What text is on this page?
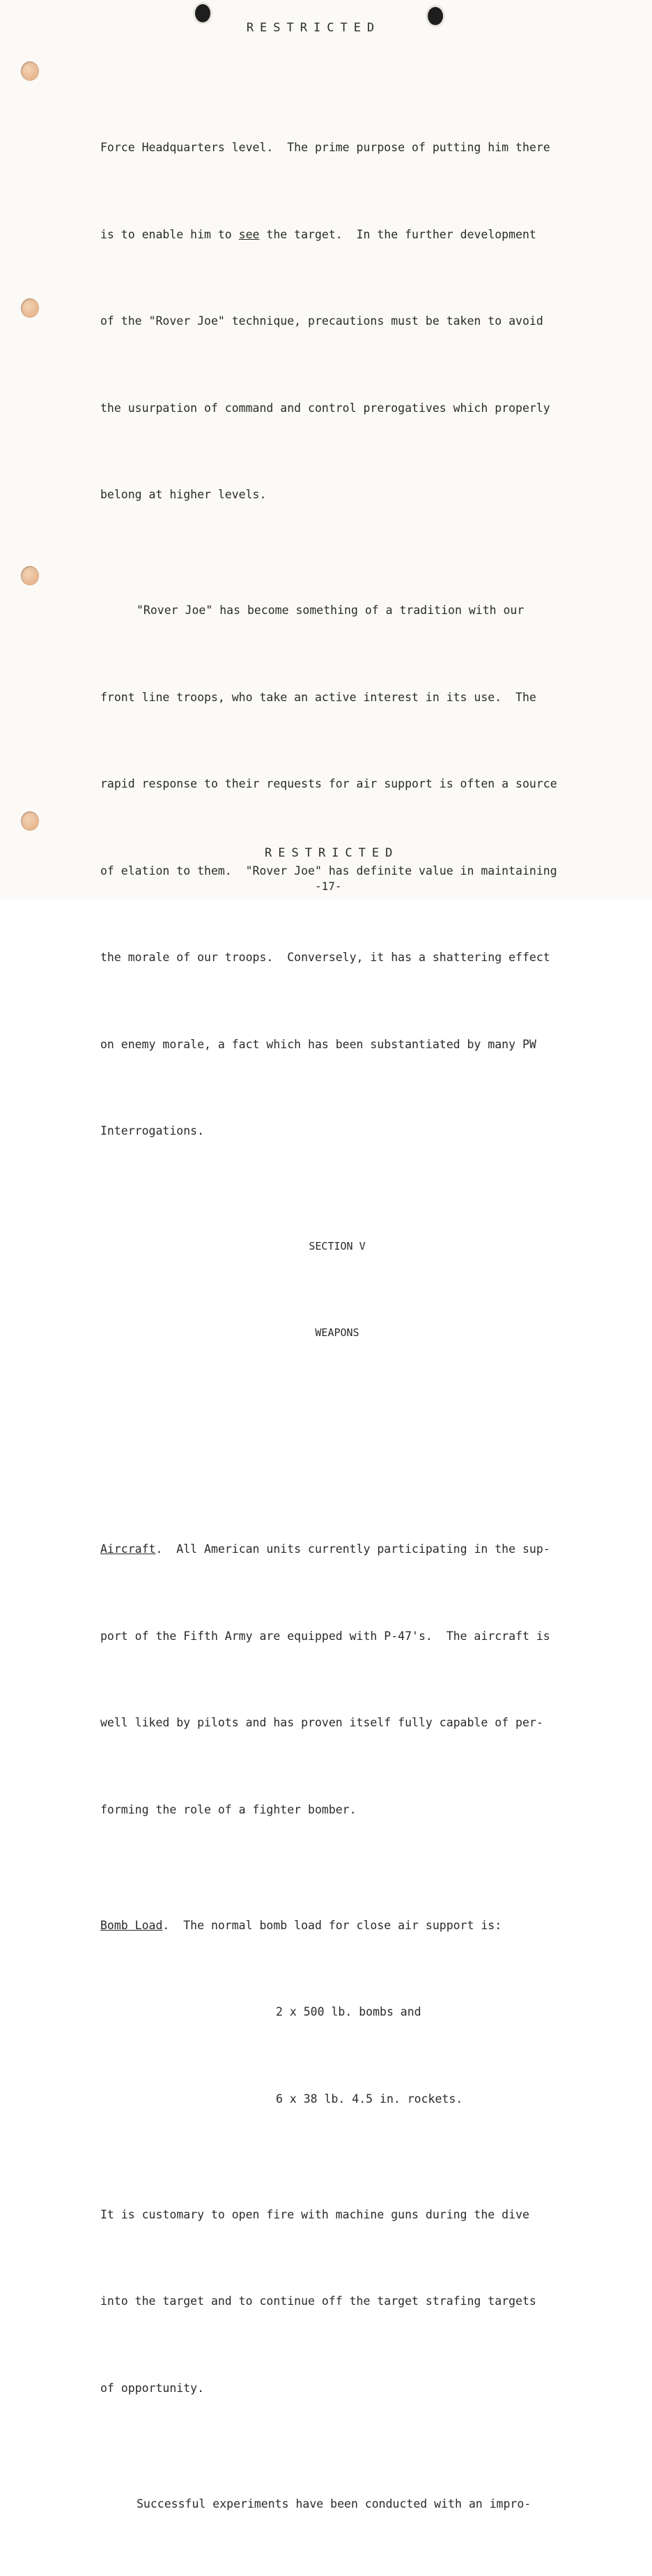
RESTRICTED

Force Headquarters level.  The prime purpose of putting him there

is to enable him to see the target.  In the further development

of the "Rover Joe" technique, precautions must be taken to avoid

the usurpation of command and control prerogatives which properly

belong at higher levels.

"Rover Joe" has become something of a tradition with our

front line troops, who take an active interest in its use.  The

rapid response to their requests for air support is often a source

of elation to them.  "Rover Joe" has definite value in maintaining

the morale of our troops.  Conversely, it has a shattering effect

on enemy morale, a fact which has been substantiated by many PW

Interrogations.

SECTION V

WEAPONS

Aircraft.  All American units currently participating in the sup-

port of the Fifth Army are equipped with P-47's.  The aircraft is

well liked by pilots and has proven itself fully capable of per-

forming the role of a fighter bomber.

Bomb Load.  The normal bomb load for close air support is:

2 x 500 lb. bombs and

6 x 38 lb. 4.5 in. rockets.

It is customary to open fire with machine guns during the dive

into the target and to continue off the target strafing targets

of opportunity.

Successful experiments have been conducted with an impro-

RESTRICTED
-17-
